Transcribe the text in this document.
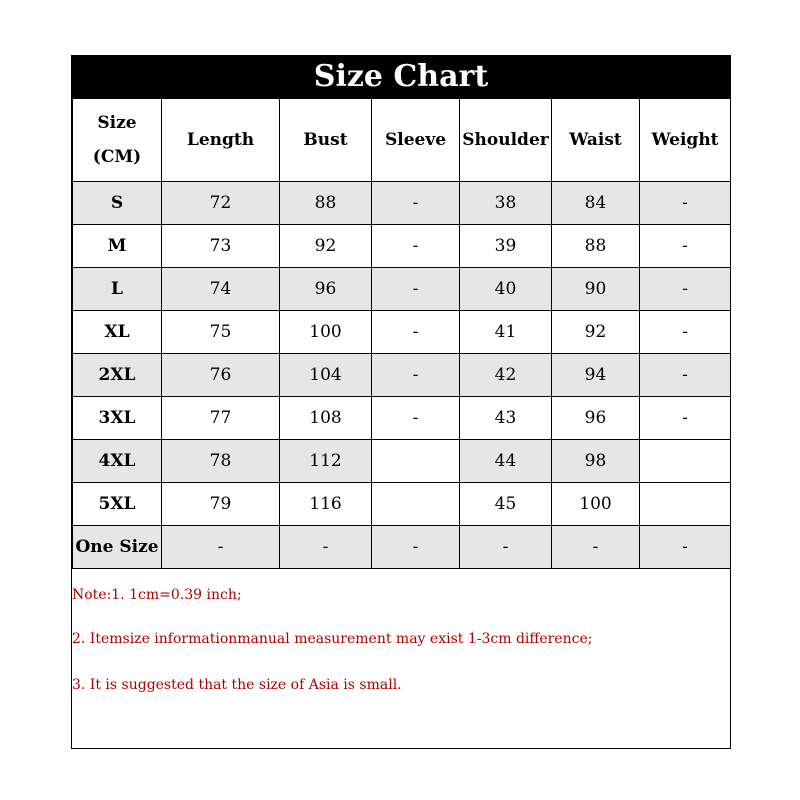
Size Chart
Size
(CM)	Length	Bust	Sleeve	Shoulder	Waist	Weight
S	72	88	-	38	84	-
M	73	92	-	39	88	-
L	74	96	-	40	90	-
XL	75	100	-	41	92	-
2XL	76	104	-	42	94	-
3XL	77	108	-	43	96	-
4XL	78	112		44	98	
5XL	79	116		45	100	
One Size	-	-	-	-	-	-
Note:1. 1cm=0.39 inch;
2. Itemsize informationmanual measurement may exist 1-3cm difference;
3. It is suggested that the size of Asia is small.
